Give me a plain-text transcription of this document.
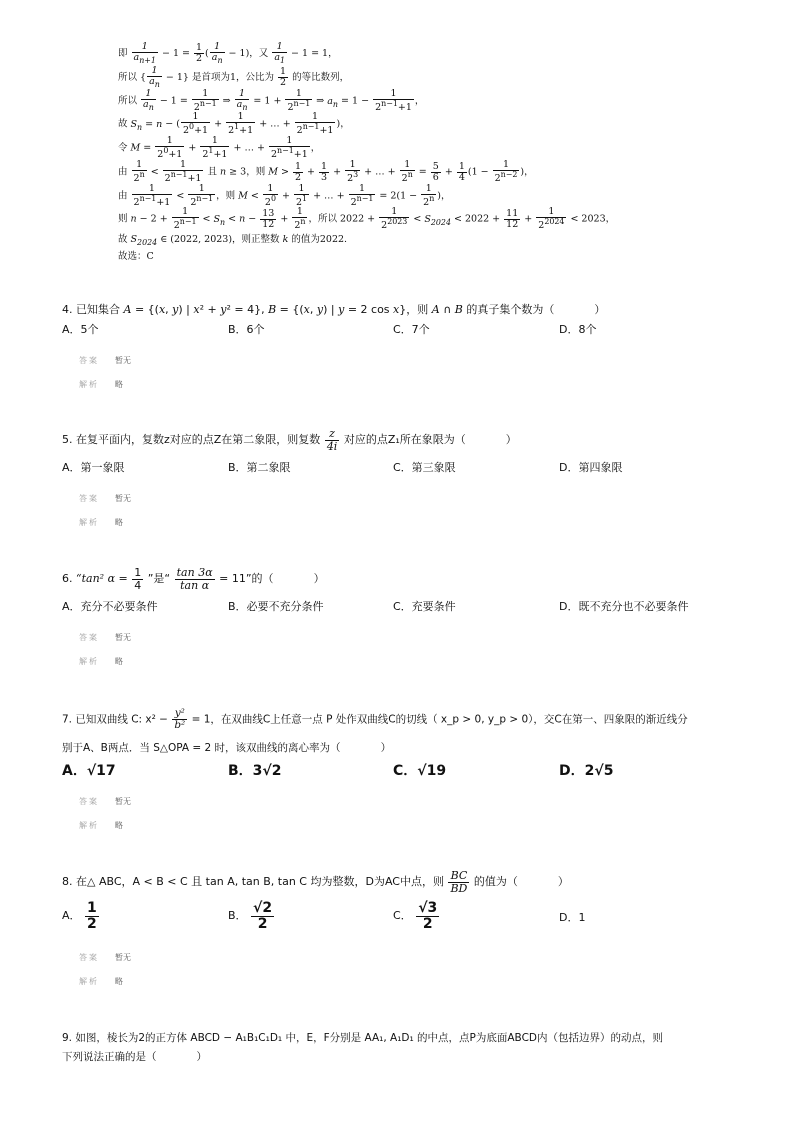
即 $\frac{1}{a_{n+1}} - 1 = \frac{1}{2}$ ( $\frac{1}{a_n} - 1$)，又 $\frac{1}{a_1} - 1 = 1$，
所以 { $\frac{1}{a_n} - 1$} 是首项为1，公比为 $\frac{1}{2}$ 的等比数列，
所以 $\frac{1}{a_n} - 1 = \frac{1}{2^{n-1}}$ ⇒ $\frac{1}{a_n} = 1 + \frac{1}{2^{n-1}}$ ⇒ $a_n = 1 - \frac{1}{2^{n-1}+1}$ ，
故 $S_n = n$ − ( $\frac{1}{2^0+1} + \frac{1}{2^1+1}$ + … + $\frac{1}{2^{n-1}+1}$ )，
令 $M = \frac{1}{2^0+1} + \frac{1}{2^1+1}$ + … + $\frac{1}{2^{n-1}+1}$ ，
由 $\frac{1}{2^n} < \frac{1}{2^{n-1}+1}$ 且 n ≥ 3，则 $M > \frac{1}{2} + \frac{1}{3} + \frac{1}{2^3}$ + … + $\frac{1}{2^n} = \frac{5}{6} + \frac{1}{4} (1 - \frac{1}{2^{n-2}}$ )，
由 $\frac{1}{2^{n-1}+1} < \frac{1}{2^{n-1}}$ ，则 $M < \frac{1}{2^0} + \frac{1}{2^1}$ + … + $\frac{1}{2^{n-1}} = 2(1 - \frac{1}{2^n}$ )，
则 $n - 2 + \frac{1}{2^{n-1}} < S_n < n - \frac{13}{12} + \frac{1}{2^n}$ ，所以 $2022 + \frac{1}{2^{2023}} < S_{2024} < 2022 + \frac{11}{12} + \frac{1}{2^{2024}} < 2023$，
故 $S_{2024}$ ∈ (2022, 2023)，则正整数 k 的值为2022.
故选：C
4. 已知集合 A = {(x, y) | x² + y² = 4}, B = {(x, y) | y = 2 cos x}，则 A ∩ B 的真子集个数为（	）
A．5个	B．6个	C．7个	D．8个
答案 暂无
解析 略
5. 在复平面内，复数z对应的点Z在第二象限，则复数 $\frac{z}{4i}$ 对应的点Z₁所在象限为（	）
A．第一象限	B．第二象限	C．第三象限	D．第四象限
答案 暂无
解析 略
6. “tan² $\alpha = \frac{1}{4}$ ”是“ $\frac{\tan 3\alpha}{\text{tan α}} = 11$”的（	）
A．充分不必要条件	B．必要不充分条件	C．充要条件	D．既不充分也不必要条件
答案 暂无
解析 略
7. 已知双曲线 C: $x^2 - \frac{\text{y²}}{\text{b²}} = 1$，在双曲线C上任意一点 P 处作双曲线C的切线（ x_p > 0, y_p > 0），交C在第一、四象限的渐近线分
别于A、B两点．当 S△OPA = 2 时，该双曲线的离心率为（	）
A．√17	B．3√2	C．√19	D．2√5
答案 暂无
解析 略
8. 在△ ABC，A < B < C 且 tan A, tan B, tan C 均为整数，D为AC中点，则 $\frac{BC}{BD}$ 的值为（	）
A． $\frac{1}{2}$	B． $\frac{√2}{2}$	C． $\frac{√3}{2}$	D．1
答案 暂无
解析 略
9. 如图，棱长为2的正方体 ABCD − A₁B₁C₁D₁ 中，E，F分别是 AA₁, A₁D₁ 的中点，点P为底面ABCD内（包括边界）的动点，则
下列说法正确的是（	）
